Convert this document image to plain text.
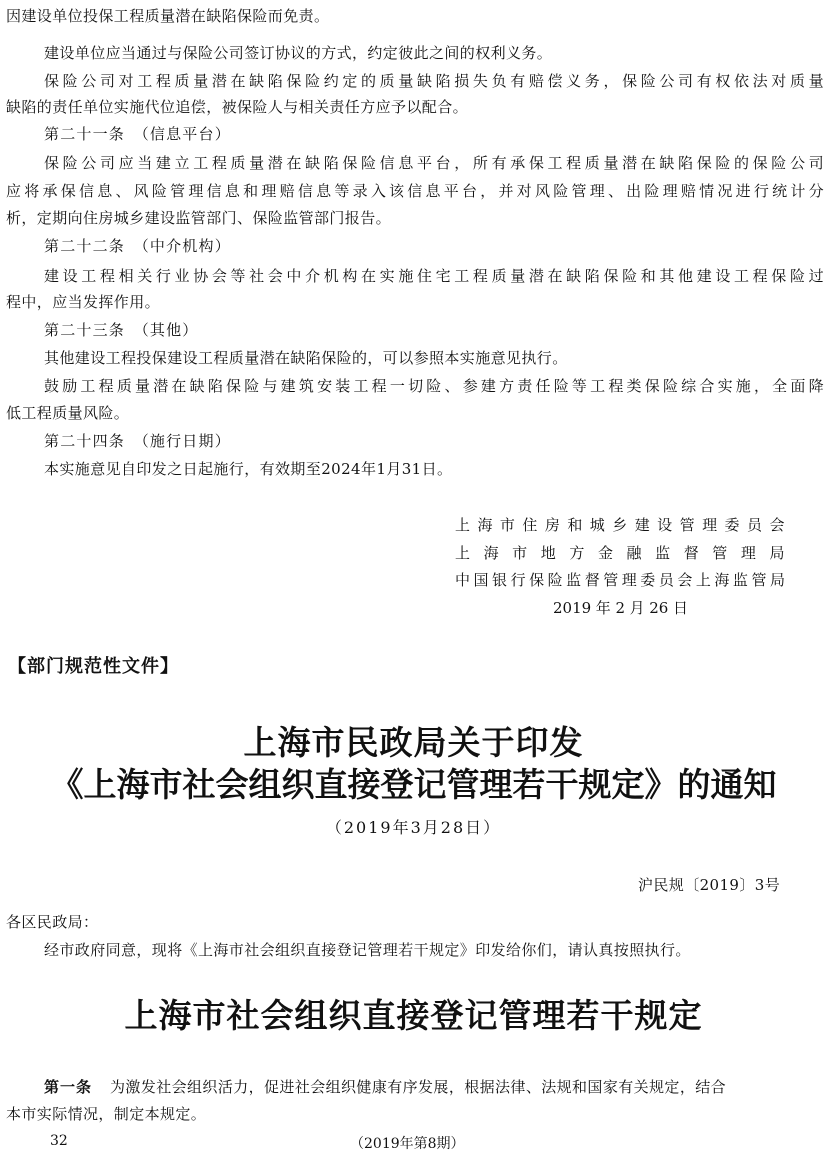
因建设单位投保工程质量潜在缺陷保险而免责。
建设单位应当通过与保险公司签订协议的方式，约定彼此之间的权利义务。
保险公司对工程质量潜在缺陷保险约定的质量缺陷损失负有赔偿义务，保险公司有权依法对质量
缺陷的责任单位实施代位追偿，被保险人与相关责任方应予以配合。
第二十一条　（信息平台）
保险公司应当建立工程质量潜在缺陷保险信息平台，所有承保工程质量潜在缺陷保险的保险公司
应将承保信息、风险管理信息和理赔信息等录入该信息平台，并对风险管理、出险理赔情况进行统计分
析，定期向住房城乡建设监管部门、保险监管部门报告。
第二十二条　（中介机构）
建设工程相关行业协会等社会中介机构在实施住宅工程质量潜在缺陷保险和其他建设工程保险过
程中，应当发挥作用。
第二十三条　（其他）
其他建设工程投保建设工程质量潜在缺陷保险的，可以参照本实施意见执行。
鼓励工程质量潜在缺陷保险与建筑安装工程一切险、参建方责任险等工程类保险综合实施，全面降
低工程质量风险。
第二十四条　（施行日期）
本实施意见自印发之日起施行，有效期至2024年1月31日。
上海市住房和城乡建设管理委员会
上海市地方金融监督管理局
中国银行保险监督管理委员会上海监管局
2019年2月26日
【部门规范性文件】
上海市民政局关于印发
《上海市社会组织直接登记管理若干规定》的通知
（2019年3月28日）
沪民规〔2019〕3号
各区民政局：
经市政府同意，现将《上海市社会组织直接登记管理若干规定》印发给你们，请认真按照执行。
上海市社会组织直接登记管理若干规定
第一条 为激发社会组织活力，促进社会组织健康有序发展，根据法律、法规和国家有关规定，结合
本市实际情况，制定本规定。
32	（2019年第8期）
